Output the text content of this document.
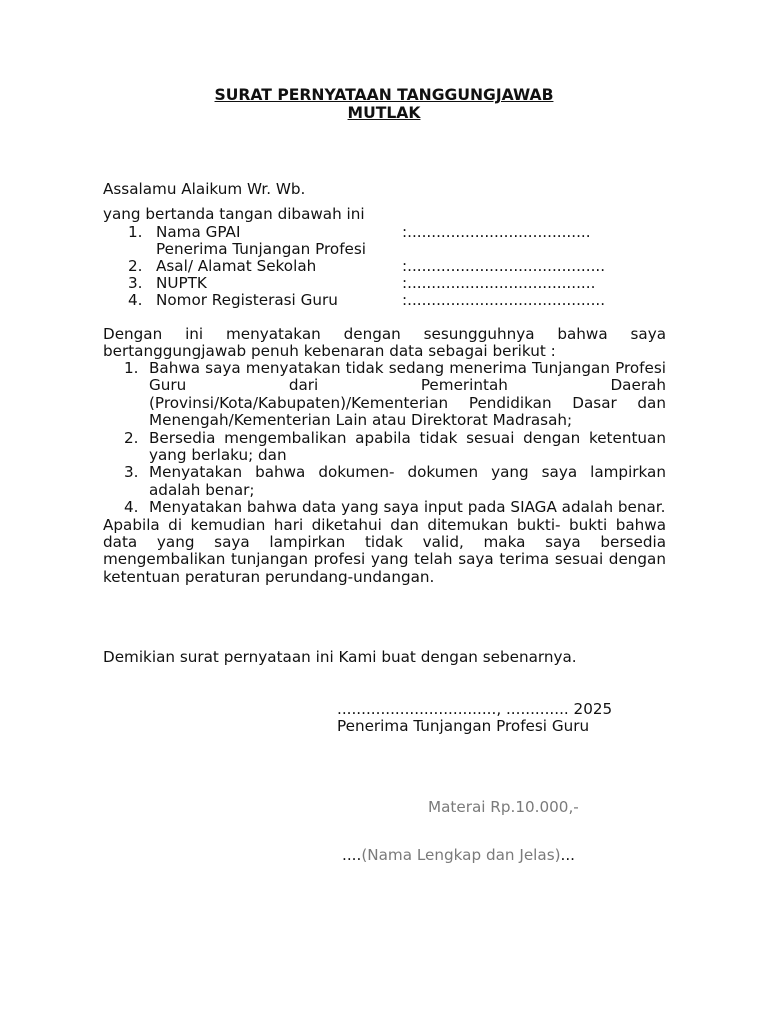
SURAT PERNYATAAN TANGGUNGJAWAB
MUTLAK
Assalamu Alaikum Wr. Wb.
yang bertanda tangan dibawah ini
1. Nama GPAI	:......................................
Penerima Tunjangan Profesi
2. Asal/ Alamat Sekolah	:.........................................
3. NUPTK	:.......................................
4. Nomor Registerasi Guru	:.........................................
Dengan ini menyatakan dengan sesungguhnya bahwa saya bertanggungjawab penuh kebenaran data sebagai berikut :
1. Bahwa saya menyatakan tidak sedang menerima Tunjangan Profesi Guru dari Pemerintah Daerah (Provinsi/Kota/Kabupaten)/Kementerian Pendidikan Dasar dan Menengah/Kementerian Lain atau Direktorat Madrasah;
2. Bersedia mengembalikan apabila tidak sesuai dengan ketentuan yang berlaku; dan
3. Menyatakan bahwa dokumen- dokumen yang saya lampirkan adalah benar;
4. Menyatakan bahwa data yang saya input pada SIAGA adalah benar.
Apabila di kemudian hari diketahui dan ditemukan bukti- bukti bahwa data yang saya lampirkan tidak valid, maka saya bersedia mengembalikan tunjangan profesi yang telah saya terima sesuai dengan ketentuan peraturan perundang-undangan.
Demikian surat pernyataan ini Kami buat dengan sebenarnya.
................................., ............. 2025
Penerima Tunjangan Profesi Guru
Materai Rp.10.000,-
....(Nama Lengkap dan Jelas)...
